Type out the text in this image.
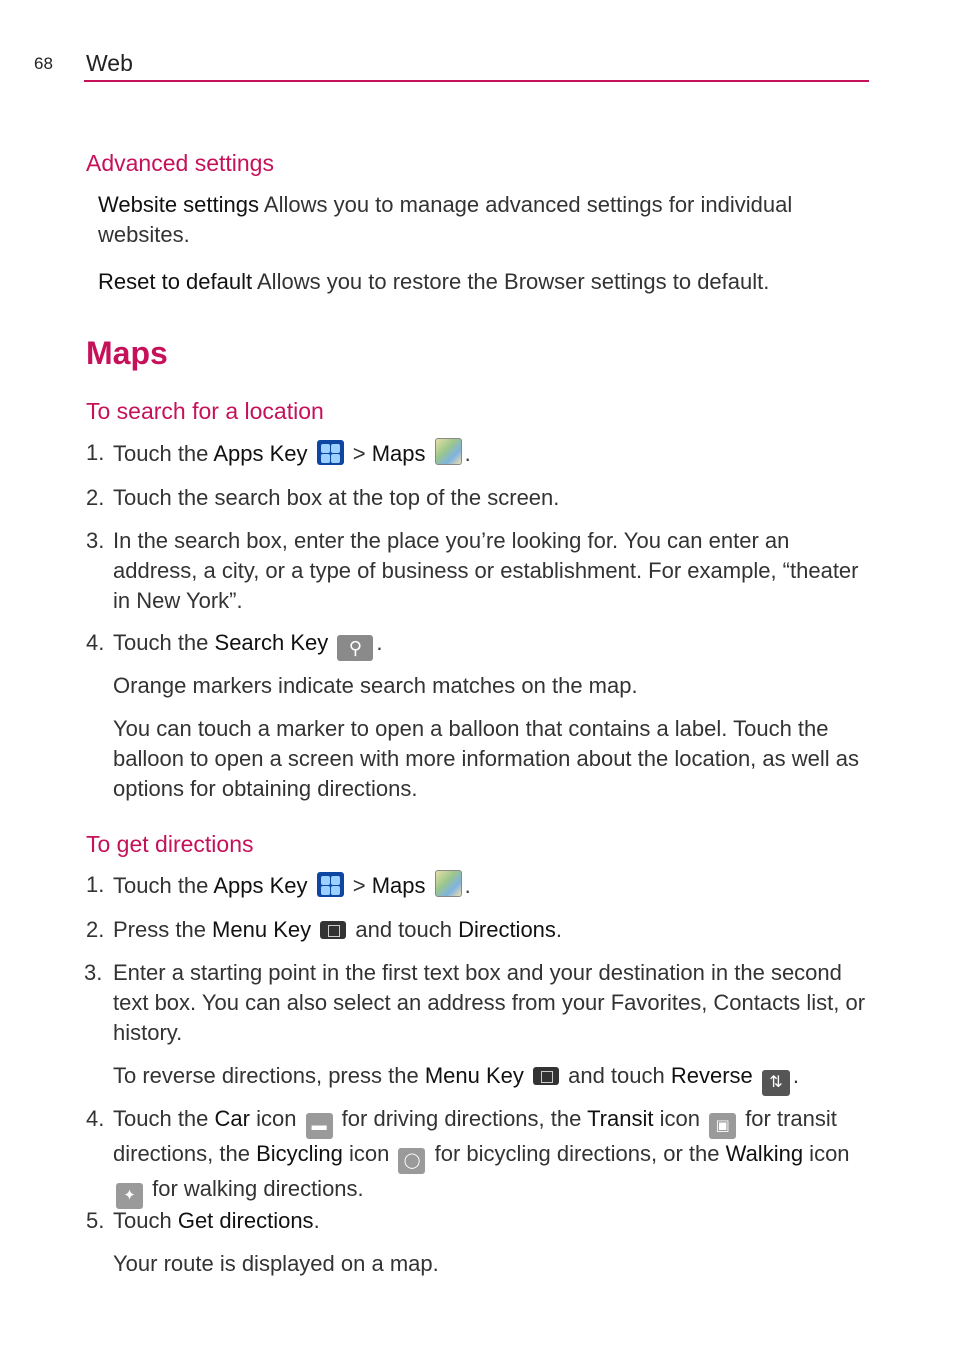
68 Web
Advanced settings
Website settings Allows you to manage advanced settings for individual websites.
Reset to default Allows you to restore the Browser settings to default.
Maps
To search for a location
1. Touch the Apps Key
> Maps .
2. Touch the search box at the top of the screen.
3. In the search box, enter the place you’re looking for. You can enter an address, a city, or a type of business or establishment. For example, “theater in New York”.
4. Touch the Search Key ⚲ .
Orange markers indicate search matches on the map.
You can touch a marker to open a balloon that contains a label. Touch the balloon to open a screen with more information about the location, as well as options for obtaining directions.
To get directions
1. Touch the Apps Key
> Maps .
2. Press the Menu Key
and touch Directions.
3. Enter a starting point in the first text box and your destination in the second text box. You can also select an address from your Favorites, Contacts list, or history.
To reverse directions, press the Menu Key
and touch Reverse ⇅ .
4. Touch the Car icon ▬ for driving directions, the Transit icon ▣ for transit directions, the Bicycling icon ◯ for bicycling directions, or the Walking icon ✦ for walking directions.
5. Touch Get directions.
Your route is displayed on a map.
